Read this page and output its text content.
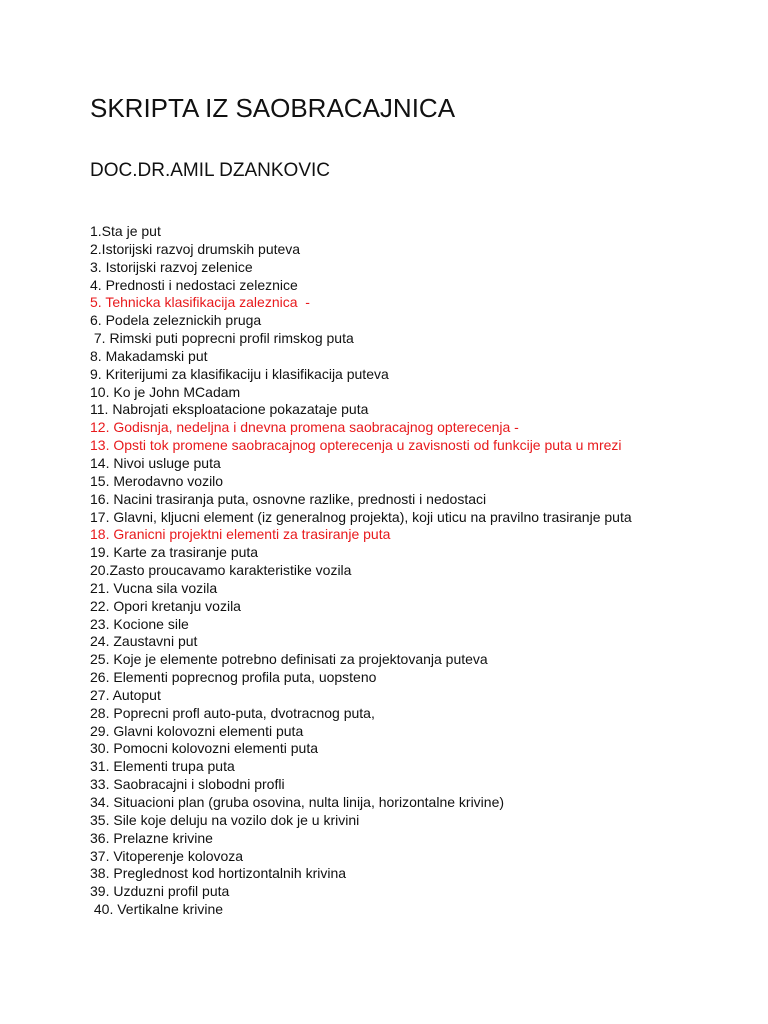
SKRIPTA IZ SAOBRACAJNICA
DOC.DR.AMIL DZANKOVIC
1.Sta je put
2.Istorijski razvoj drumskih puteva
3. Istorijski razvoj zelenice
4. Prednosti i nedostaci zeleznice
5. Tehnicka klasifikacija zaleznica  -
6. Podela zeleznickih pruga
7. Rimski puti poprecni profil rimskog puta
8. Makadamski put
9. Kriterijumi za klasifikaciju i klasifikacija puteva
10. Ko je John MCadam
11. Nabrojati eksploatacione pokazataje puta
12. Godisnja, nedeljna i dnevna promena saobracajnog opterecenja -
13. Opsti tok promene saobracajnog opterecenja u zavisnosti od funkcije puta u mrezi
14. Nivoi usluge puta
15. Merodavno vozilo
16. Nacini trasiranja puta, osnovne razlike, prednosti i nedostaci
17. Glavni, kljucni element (iz generalnog projekta), koji uticu na pravilno trasiranje puta
18. Granicni projektni elementi za trasiranje puta
19. Karte za trasiranje puta
20.Zasto proucavamo karakteristike vozila
21. Vucna sila vozila
22. Opori kretanju vozila
23. Kocione sile
24. Zaustavni put
25. Koje je elemente potrebno definisati za projektovanja puteva
26. Elementi poprecnog profila puta, uopsteno
27. Autoput
28. Poprecni profl auto-puta, dvotracnog puta,
29. Glavni kolovozni elementi puta
30. Pomocni kolovozni elementi puta
31. Elementi trupa puta
33. Saobracajni i slobodni profli
34. Situacioni plan (gruba osovina, nulta linija, horizontalne krivine)
35. Sile koje deluju na vozilo dok je u krivini
36. Prelazne krivine
37. Vitoperenje kolovoza
38. Preglednost kod hortizontalnih krivina
39. Uzduzni profil puta
40. Vertikalne krivine
